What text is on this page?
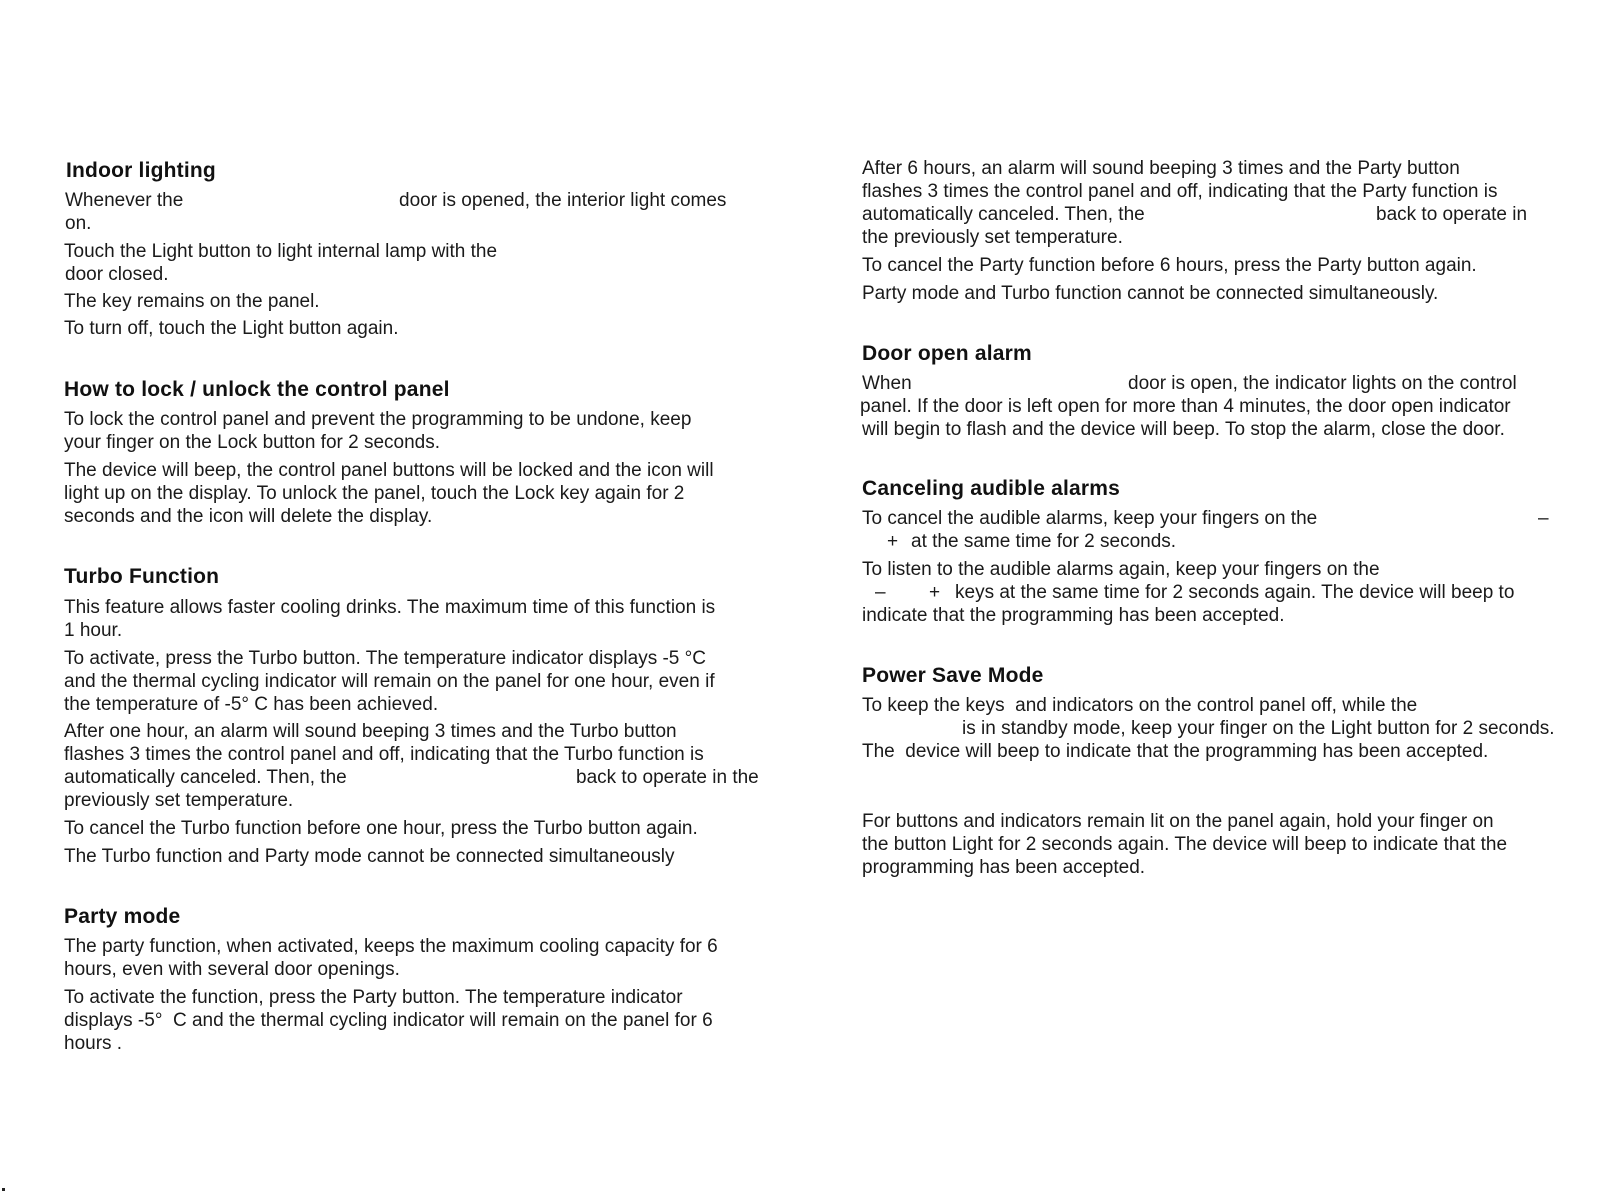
Indoor lighting
Whenever the	door is opened, the interior light comes
on.
Touch the Light button to light internal lamp with the
door closed.
The key remains on the panel.
To turn off, touch the Light button again.
How to lock / unlock the control panel
To lock the control panel and prevent the programming to be undone, keep
your finger on the Lock button for 2 seconds.
The device will beep, the control panel buttons will be locked and the icon will
light up on the display. To unlock the panel, touch the Lock key again for 2
seconds and the icon will delete the display.
Turbo Function
This feature allows faster cooling drinks. The maximum time of this function is
1 hour.
To activate, press the Turbo button. The temperature indicator displays -5 °C
and the thermal cycling indicator will remain on the panel for one hour, even if
the temperature of -5° C has been achieved.
After one hour, an alarm will sound beeping 3 times and the Turbo button
flashes 3 times the control panel and off, indicating that the Turbo function is
automatically canceled. Then, the	back to operate in the
previously set temperature.
To cancel the Turbo function before one hour, press the Turbo button again.
The Turbo function and Party mode cannot be connected simultaneously
Party mode
The party function, when activated, keeps the maximum cooling capacity for 6
hours, even with several door openings.
To activate the function, press the Party button. The temperature indicator
displays -5°  C and the thermal cycling indicator will remain on the panel for 6
hours .
After 6 hours, an alarm will sound beeping 3 times and the Party button
flashes 3 times the control panel and off, indicating that the Party function is
automatically canceled. Then, the	back to operate in
the previously set temperature.
To cancel the Party function before 6 hours, press the Party button again.
Party mode and Turbo function cannot be connected simultaneously.
Door open alarm
When	door is open, the indicator lights on the control
panel. If the door is left open for more than 4 minutes, the door open indicator
will begin to flash and the device will beep. To stop the alarm, close the door.
Canceling audible alarms
To cancel the audible alarms, keep your fingers on the	–
+ at the same time for 2 seconds.
To listen to the audible alarms again, keep your fingers on the
– + keys at the same time for 2 seconds again. The device will beep to
indicate that the programming has been accepted.
Power Save Mode
To keep the keys  and indicators on the control panel off, while the
is in standby mode, keep your finger on the Light button for 2 seconds.
The  device will beep to indicate that the programming has been accepted.
For buttons and indicators remain lit on the panel again, hold your finger on
the button Light for 2 seconds again. The device will beep to indicate that the
programming has been accepted.
